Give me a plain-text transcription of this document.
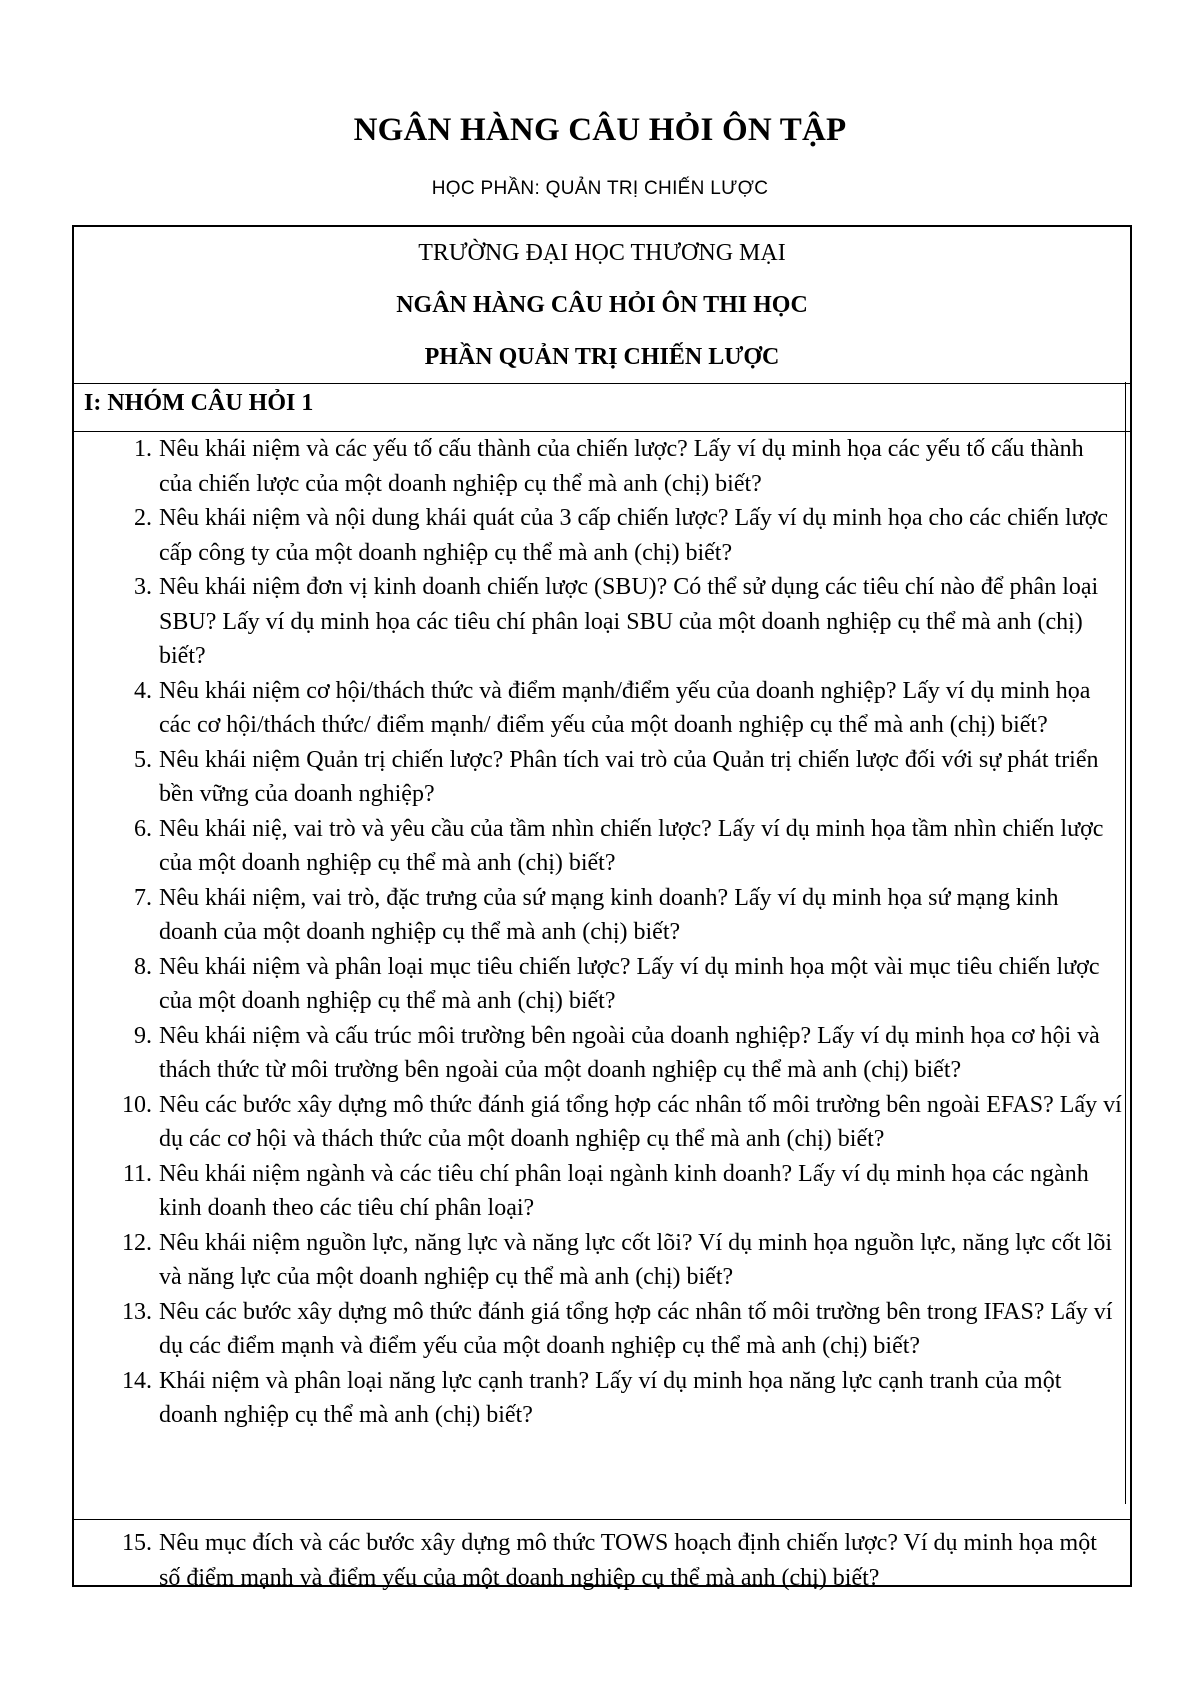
NGÂN HÀNG CÂU HỎI ÔN TẬP
HỌC PHẦN: QUẢN TRỊ CHIẾN LƯỢC
TRƯỜNG ĐẠI HỌC THƯƠNG MẠI
NGÂN HÀNG CÂU HỎI ÔN THI HỌC
PHẦN QUẢN TRỊ CHIẾN LƯỢC
I: NHÓM CÂU HỎI 1
1. Nêu khái niệm và các yếu tố cấu thành của chiến lược? Lấy ví dụ minh họa các yếu tố cấu thành của chiến lược của một doanh nghiệp cụ thể mà anh (chị) biết?
2. Nêu khái niệm và nội dung khái quát của 3 cấp chiến lược? Lấy ví dụ minh họa cho các chiến lược cấp công ty của một doanh nghiệp cụ thể mà anh (chị) biết?
3. Nêu khái niệm đơn vị kinh doanh chiến lược (SBU)? Có thể sử dụng các tiêu chí nào để phân loại SBU? Lấy ví dụ minh họa các tiêu chí phân loại SBU của một doanh nghiệp cụ thể mà anh (chị) biết?
4. Nêu khái niệm cơ hội/thách thức và điểm mạnh/điểm yếu của doanh nghiệp? Lấy ví dụ minh họa các cơ hội/thách thức/ điểm mạnh/ điểm yếu của một doanh nghiệp cụ thể mà anh (chị) biết?
5. Nêu khái niệm Quản trị chiến lược? Phân tích vai trò của Quản trị chiến lược đối với sự phát triển bền vững của doanh nghiệp?
6. Nêu khái niệ, vai trò và yêu cầu của tầm nhìn chiến lược? Lấy ví dụ minh họa tầm nhìn chiến lược của một doanh nghiệp cụ thể mà anh (chị) biết?
7. Nêu khái niệm, vai trò, đặc trưng của sứ mạng kinh doanh? Lấy ví dụ minh họa sứ mạng kinh doanh của một doanh nghiệp cụ thể mà anh (chị) biết?
8. Nêu khái niệm và phân loại mục tiêu chiến lược? Lấy ví dụ minh họa một vài mục tiêu chiến lược của một doanh nghiệp cụ thể mà anh (chị) biết?
9. Nêu khái niệm và cấu trúc môi trường bên ngoài của doanh nghiệp? Lấy ví dụ minh họa cơ hội và thách thức từ môi trường bên ngoài của một doanh nghiệp cụ thể mà anh (chị) biết?
10. Nêu các bước xây dựng mô thức đánh giá tổng hợp các nhân tố môi trường bên ngoài EFAS? Lấy ví dụ các cơ hội và thách thức của một doanh nghiệp cụ thể mà anh (chị) biết?
11. Nêu khái niệm ngành và các tiêu chí phân loại ngành kinh doanh? Lấy ví dụ minh họa các ngành kinh doanh theo các tiêu chí phân loại?
12. Nêu khái niệm nguồn lực, năng lực và năng lực cốt lõi? Ví dụ minh họa nguồn lực, năng lực cốt lõi và năng lực của một doanh nghiệp cụ thể mà anh (chị) biết?
13. Nêu các bước xây dựng mô thức đánh giá tổng hợp các nhân tố môi trường bên trong IFAS? Lấy ví dụ các điểm mạnh và điểm yếu của một doanh nghiệp cụ thể mà anh (chị) biết?
14. Khái niệm và phân loại năng lực cạnh tranh? Lấy ví dụ minh họa năng lực cạnh tranh của một doanh nghiệp cụ thể mà anh (chị) biết?
15. Nêu mục đích và các bước xây dựng mô thức TOWS hoạch định chiến lược? Ví dụ minh họa một số điểm mạnh và điểm yếu của một doanh nghiệp cụ thể mà anh (chị) biết?
